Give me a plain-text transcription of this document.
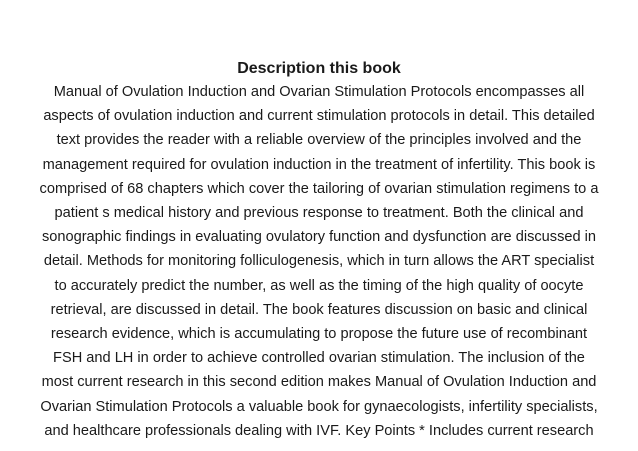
Description this book
Manual of Ovulation Induction and Ovarian Stimulation Protocols encompasses all
aspects of ovulation induction and current stimulation protocols in detail. This detailed
text provides the reader with a reliable overview of the principles involved and the
management required for ovulation induction in the treatment of infertility. This book is
comprised of 68 chapters which cover the tailoring of ovarian stimulation regimens to a
patient s medical history and previous response to treatment. Both the clinical and
sonographic findings in evaluating ovulatory function and dysfunction are discussed in
detail. Methods for monitoring folliculogenesis, which in turn allows the ART specialist
to accurately predict the number, as well as the timing of the high quality of oocyte
retrieval, are discussed in detail. The book features discussion on basic and clinical
research evidence, which is accumulating to propose the future use of recombinant
FSH and LH in order to achieve controlled ovarian stimulation. The inclusion of the
most current research in this second edition makes Manual of Ovulation Induction and
Ovarian Stimulation Protocols a valuable book for gynaecologists, infertility specialists,
and healthcare professionals dealing with IVF. Key Points * Includes current research
